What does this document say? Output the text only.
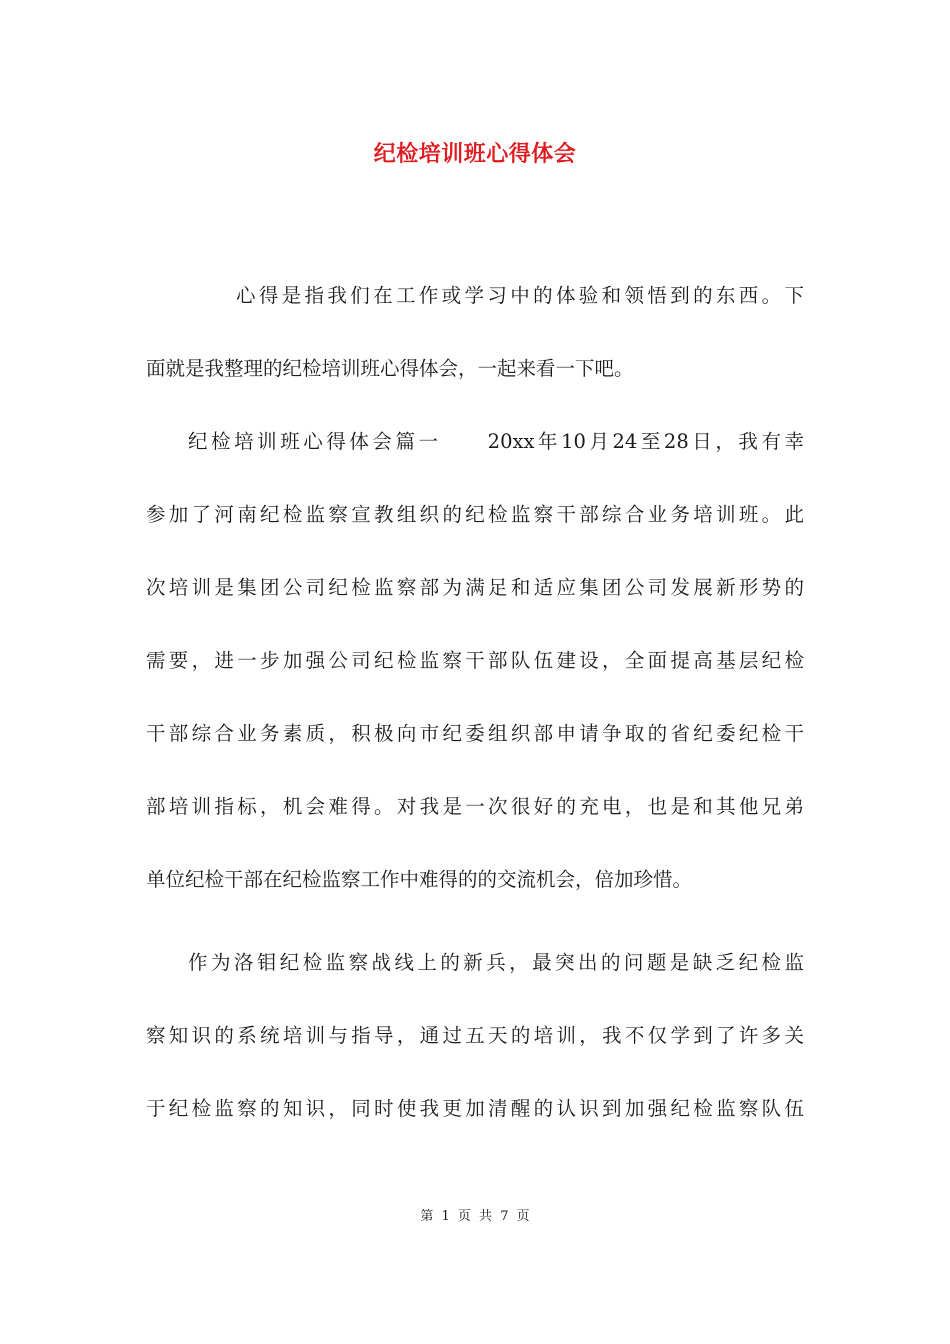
纪检培训班心得体会
心得是指我们在工作或学习中的体验和领悟到的东西。下
面就是我整理的纪检培训班心得体会，一起来看一下吧。
纪检培训班心得体会篇一　　20xx年10月24至28日，我有幸
参加了河南纪检监察宣教组织的纪检监察干部综合业务培训班。此
次培训是集团公司纪检监察部为满足和适应集团公司发展新形势的
需要，进一步加强公司纪检监察干部队伍建设，全面提高基层纪检
干部综合业务素质，积极向市纪委组织部申请争取的省纪委纪检干
部培训指标，机会难得。对我是一次很好的充电，也是和其他兄弟
单位纪检干部在纪检监察工作中难得的的交流机会，倍加珍惜。
作为洛钼纪检监察战线上的新兵，最突出的问题是缺乏纪检监
察知识的系统培训与指导，通过五天的培训，我不仅学到了许多关
于纪检监察的知识，同时使我更加清醒的认识到加强纪检监察队伍
第 1 页 共 7 页
